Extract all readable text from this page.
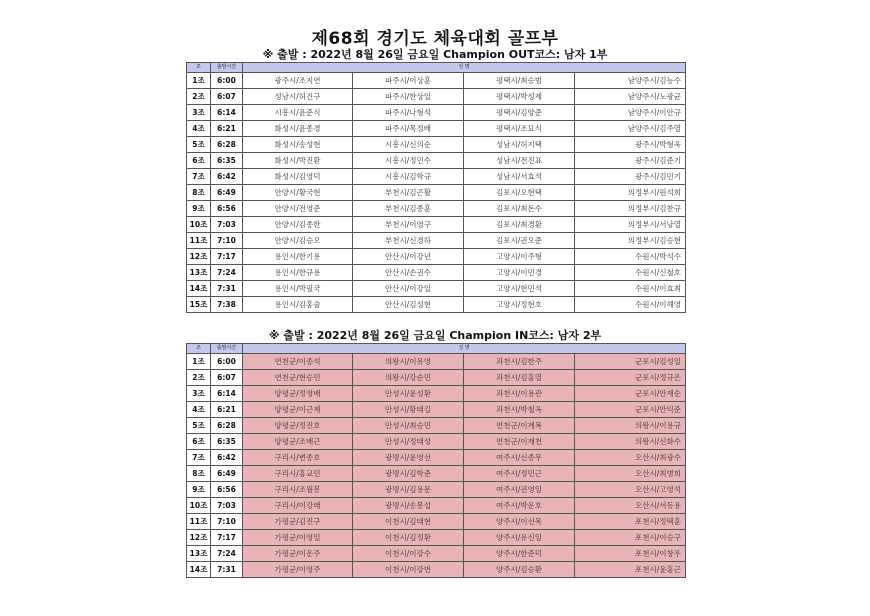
제68회 경기도 체육대회 골프부
※ 출발 : 2022년 8월 26일 금요일 Champion OUT코스: 남자 1부
조	출발시간	성 명			
1조	6:00	광주시/조지연	파주시/이상훈	평택시/최승범	남양주시/김능수
2조	6:07	성남시/허진구	파주시/한상일	평택시/박성제	남양주시/노광균
3조	6:14	시흥시/윤준식	파주시/나형석	평택시/김양준	남양주시/이안규
4조	6:21	화성시/윤종경	파주시/목정배	평택시/조묘식	남양주시/김주열
5조	6:28	화성시/송성현	시흥시/신의순	성남시/허지택	광주시/박형욱
6조	6:35	화성시/박진환	시흥시/정민수	성남시/전진표	광주시/김준기
7조	6:42	화성시/김영덕	시흥시/김학규	성남시/서효석	광주시/김민기
8조	6:49	안양시/황국현	부천시/김곤활	김포시/오현택	의정부시/원석희
9조	6:56	안양시/전영준	부천시/김종훈	김포시/최돈수	의정부시/김찬규
10조	7:03	안양시/김종한	부천시/이영구	김포시/최경환	의정부시/서낭열
11조	7:10	안양시/김승오	부천시/신경하	김포시/권오준	의정부시/김승현
12조	7:17	용인시/한기용	안산시/이강년	고양시/이주형	수원시/박석수
13조	7:24	용인시/한규용	안산시/손권수	고양시/이민경	수원시/신철호
14조	7:31	용인시/박필국	안산시/이강일	고양시/현민석	수원시/이효최
15조	7:38	용인시/김홍술	안산시/김성현	고양시/정현호	수원시/이해영
※ 출발 : 2022년 8월 26일 금요일 Champion IN코스: 남자 2부
조	출발시간	성 명			
1조	6:00	연천군/이종석	의왕시/이유영	과천시/김한주	군포시/김성일
2조	6:07	연천군/현승민	의왕시/강순민	과천시/김홍열	군포시/정규은
3조	6:14	양평군/정영배	안성시/윤성환	과천시/이용관	군포시/안재순
4조	6:21	양평군/이근제	안성시/황태길	과천시/박철옥	군포시/안익준
5조	6:28	양평군/정진호	안성시/최승민	연천군/이계복	의왕시/이용규
6조	6:35	양평군/조배근	안성시/정태성	연천군/이재천	의왕시/신화수
7조	6:42	구리시/변종호	광명시/윤영선	여주시/신종무	오산시/최광수
8조	6:49	구리시/홍교민	광명시/김학준	여주시/정민근	오산시/최병희
9조	6:56	구리시/조월봉	광명시/김용문	여주시/권영일	오산시/고영석
10조	7:03	구리시/이강래	광명시/송봉섭	여주시/박운호	오산시/서동용
11조	7:10	가평군/김진구	이천시/김태현	양주시/이선목	포천시/정택훈
12조	7:17	가평군/이영일	이천시/김정환	양주시/유신일	포천시/이승구
13조	7:24	가평군/이운주	이천시/이강수	양주시/한준덕	포천시/이창우
14조	7:31	가평군/이영주	이천시/이강번	양주시/김승환	포천시/윤홍근
